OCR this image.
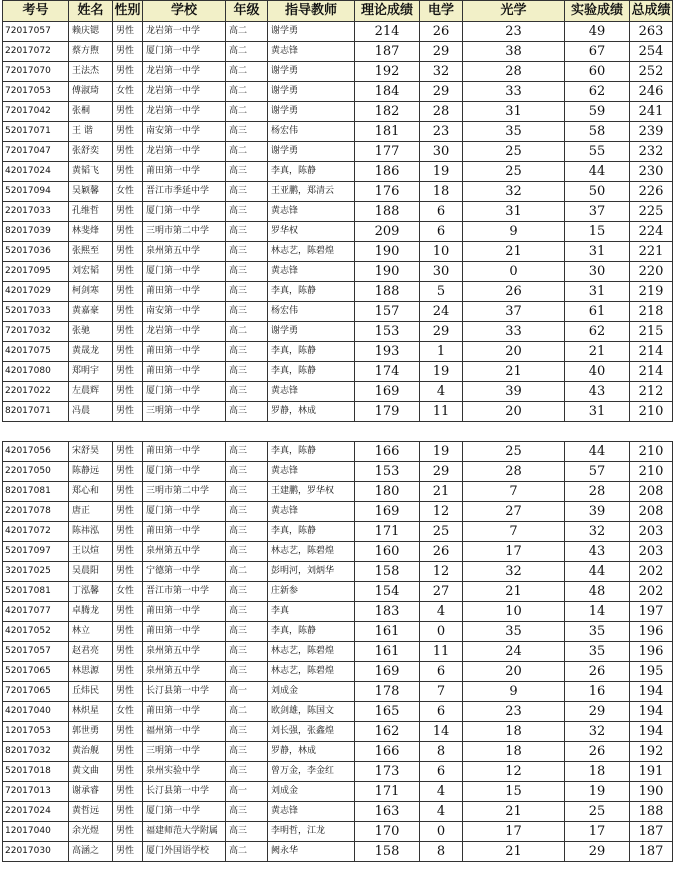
考号	姓名	性别	学校	年级	指导教师	理论成绩	电学	光学	实验成绩	总成绩
72017057	赖庆锶	男性	龙岩第一中学	高二	谢学勇	214	26	23	49	263
22017072	蔡方煦	男性	厦门第一中学	高二	黄志锋	187	29	38	67	254
72017070	王法杰	男性	龙岩第一中学	高二	谢学勇	192	32	28	60	252
72017053	傅淑琦	女性	龙岩第一中学	高二	谢学勇	184	29	33	62	246
72017042	张桐	男性	龙岩第一中学	高二	谢学勇	182	28	31	59	241
52017071	王 谐	男性	南安第一中学	高三	杨宏伟	181	23	35	58	239
72017047	张舒奕	男性	龙岩第一中学	高二	谢学勇	177	30	25	55	232
42017024	黄韬飞	男性	莆田第一中学	高三	李真，陈静	186	19	25	44	230
52017094	吴颖馨	女性	晋江市季延中学	高三	王亚鹏，郑清云	176	18	32	50	226
22017033	孔维哲	男性	厦门第一中学	高三	黄志锋	188	6	31	37	225
82017039	林斐烽	男性	三明市第二中学	高三	罗华权	209	6	9	15	224
52017036	张熙至	男性	泉州第五中学	高三	林志艺，陈碧煌	190	10	21	31	221
22017095	刘宏韬	男性	厦门第一中学	高三	黄志锋	190	30	0	30	220
42017029	柯剑寒	男性	莆田第一中学	高三	李真，陈静	188	5	26	31	219
52017033	黄嘉豪	男性	南安第一中学	高三	杨宏伟	157	24	37	61	218
72017032	张驰	男性	龙岩第一中学	高二	谢学勇	153	29	33	62	215
42017075	黄晟龙	男性	莆田第一中学	高三	李真，陈静	193	1	20	21	214
42017080	郑明宇	男性	莆田第一中学	高三	李真，陈静	174	19	21	40	214
22017022	左晨辉	男性	厦门第一中学	高三	黄志锋	169	4	39	43	212
82017071	冯晨	男性	三明第一中学	高三	罗静，林成	179	11	20	31	210
42017056	宋舒昊	男性	莆田第一中学	高三	李真，陈静	166	19	25	44	210
22017050	陈静远	男性	厦门第一中学	高三	黄志锋	153	29	28	57	210
82017081	郑心和	男性	三明市第二中学	高三	王建鹏，罗华权	180	21	7	28	208
22017078	唐正	男性	厦门第一中学	高三	黄志锋	169	12	27	39	208
42017072	陈祎泓	男性	莆田第一中学	高三	李真，陈静	171	25	7	32	203
52017097	王以煊	男性	泉州第五中学	高三	林志艺，陈碧煌	160	26	17	43	203
32017025	吴晨阳	男性	宁德第一中学	高二	彭明河，刘炳华	158	12	32	44	202
52017081	丁泓馨	女性	晋江市第一中学	高三	庄新参	154	27	21	48	202
42017077	卓腾龙	男性	莆田第一中学	高三	李真	183	4	10	14	197
42017052	林立	男性	莆田第一中学	高三	李真，陈静	161	0	35	35	196
52017057	赵君亮	男性	泉州第五中学	高三	林志艺，陈碧煌	161	11	24	35	196
52017065	林思源	男性	泉州第五中学	高三	林志艺，陈碧煌	169	6	20	26	195
72017065	丘炜民	男性	长汀县第一中学	高一	刘成金	178	7	9	16	194
42017040	林炽星	女性	莆田第一中学	高二	欧剑雄，陈国文	165	6	23	29	194
12017053	郭世勇	男性	福州第一中学	高三	刘长强，张鑫煌	162	14	18	32	194
82017032	黄治舰	男性	三明第一中学	高三	罗静，林成	166	8	18	26	192
52017018	黄文曲	男性	泉州实验中学	高三	曾万金，李金红	173	6	12	18	191
72017013	谢承睿	男性	长汀县第一中学	高一	刘成金	171	4	15	19	190
22017024	黄哲远	男性	厦门第一中学	高三	黄志锋	163	4	21	25	188
12017040	余光煜	男性	福建师范大学附属	高三	李明哲，江龙	170	0	17	17	187
22017030	高涵之	男性	厦门外国语学校	高二	阙永华	158	8	21	29	187
